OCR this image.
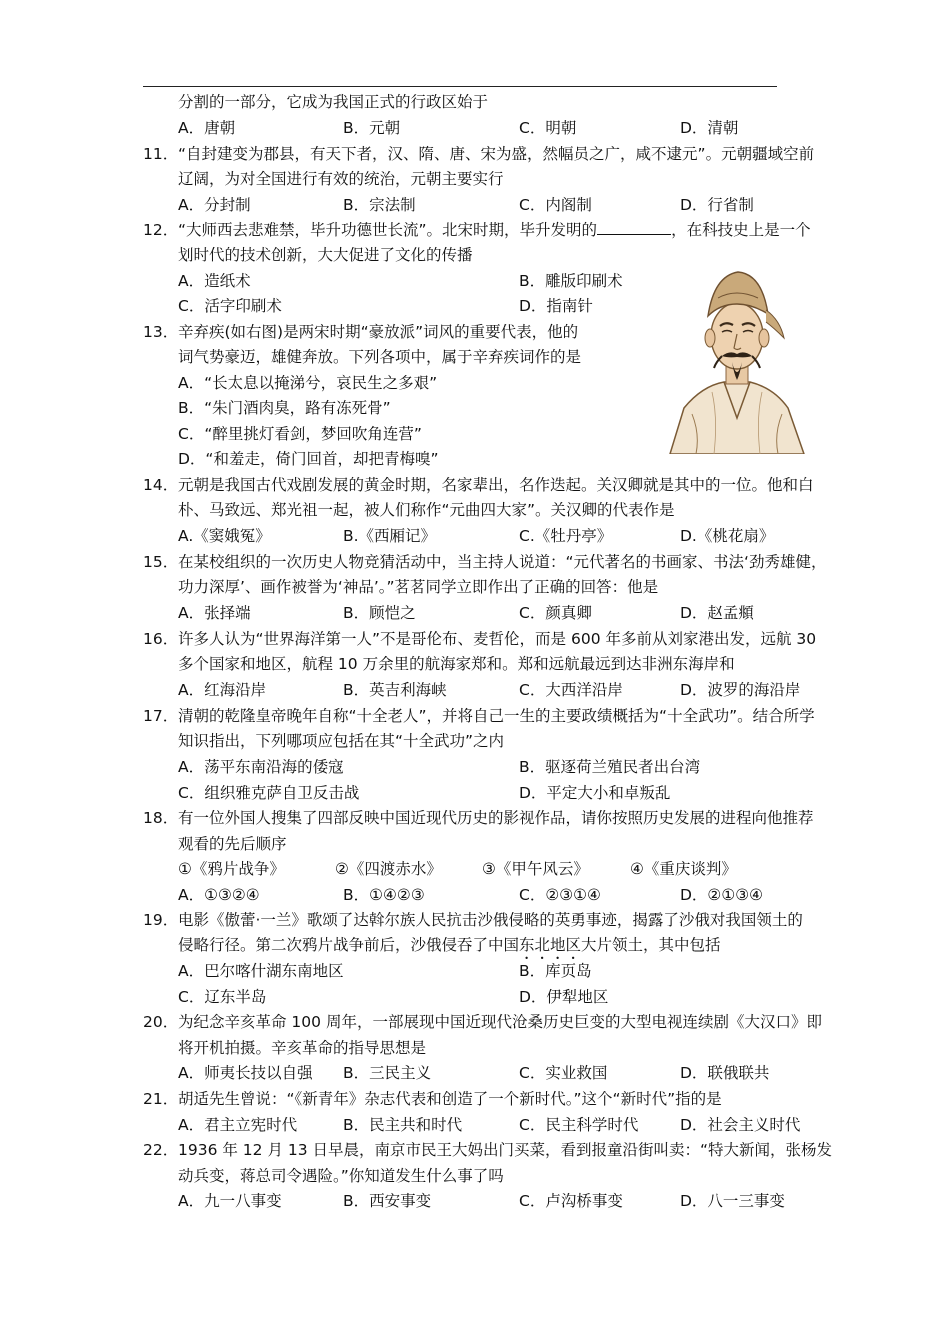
分割的一部分，它成为我国正式的行政区始于
A．唐朝	B．元朝	C．明朝	D．清朝
11． “自封建变为郡县，有天下者，汉、隋、唐、宋为盛，然幅员之广，咸不逮元”。元朝疆域空前
辽阔，为对全国进行有效的统治，元朝主要实行
A．分封制	B．宗法制	C．内阁制	D．行省制
12． “大师西去悲难禁，毕升功德世长流”。北宋时期，毕升发明的	，在科技史上是一个
划时代的技术创新，大大促进了文化的传播
A．造纸术	B．雕版印刷术
C．活字印刷术	D．指南针
13． 辛弃疾(如右图)是两宋时期“豪放派”词风的重要代表，他的
词气势豪迈，雄健奔放。下列各项中，属于辛弃疾词作的是
A．“长太息以掩涕兮，哀民生之多艰”
B．“朱门酒肉臭，路有冻死骨”
C．“醉里挑灯看剑，梦回吹角连营”
D．“和羞走，倚门回首，却把青梅嗅”
14． 元朝是我国古代戏剧发展的黄金时期，名家辈出，名作迭起。关汉卿就是其中的一位。他和白
朴、马致远、郑光祖一起，被人们称作“元曲四大家”。关汉卿的代表作是
A.《窦娥冤》	B.《西厢记》	C.《牡丹亭》	D.《桃花扇》
15． 在某校组织的一次历史人物竞猜活动中，当主持人说道：“元代著名的书画家、书法‘劲秀雄健，
功力深厚’、画作被誉为‘神品’。”茗茗同学立即作出了正确的回答：他是
A．张择端	B．顾恺之	C．颜真卿	D．赵孟頫
16． 许多人认为“世界海洋第一人”不是哥伦布、麦哲伦，而是 600 年多前从刘家港出发，远航 30
多个国家和地区，航程 10 万余里的航海家郑和。郑和远航最远到达非洲东海岸和
A．红海沿岸	B．英吉利海峡	C．大西洋沿岸	D．波罗的海沿岸
17． 清朝的乾隆皇帝晚年自称“十全老人”，并将自己一生的主要政绩概括为“十全武功”。结合所学
知识指出，下列哪项应包括在其“十全武功”之内
A．荡平东南沿海的倭寇	B．驱逐荷兰殖民者出台湾
C．组织雅克萨自卫反击战	D．平定大小和卓叛乱
18． 有一位外国人搜集了四部反映中国近现代历史的影视作品，请你按照历史发展的进程向他推荐
观看的先后顺序
①《鸦片战争》	②《四渡赤水》	③《甲午风云》	④《重庆谈判》
A．①③②④	B．①④②③	C．②③①④	D．②①③④
19． 电影《傲蕾·一兰》歌颂了达斡尔族人民抗击沙俄侵略的英勇事迹，揭露了沙俄对我国领土的
侵略行径。第二次鸦片战争前后，沙俄侵吞了中国东北地区大片领土，其中包括
A．巴尔喀什湖东南地区	B．库页岛
C．辽东半岛	D．伊犁地区
20． 为纪念辛亥革命 100 周年，一部展现中国近现代沧桑历史巨变的大型电视连续剧《大汉口》即
将开机拍摄。辛亥革命的指导思想是
A．师夷长技以自强 B．三民主义	C．实业救国	D．联俄联共
21． 胡适先生曾说：“《新青年》杂志代表和创造了一个新时代。”这个“新时代”指的是
A．君主立宪时代	B．民主共和时代	C．民主科学时代	D．社会主义时代
22． 1936 年 12 月 13 日早晨，南京市民王大妈出门买菜，看到报童沿街叫卖：“特大新闻，张杨发
动兵变，蒋总司令遇险。”你知道发生什么事了吗
A．九一八事变	B．西安事变	C．卢沟桥事变	D．八一三事变
